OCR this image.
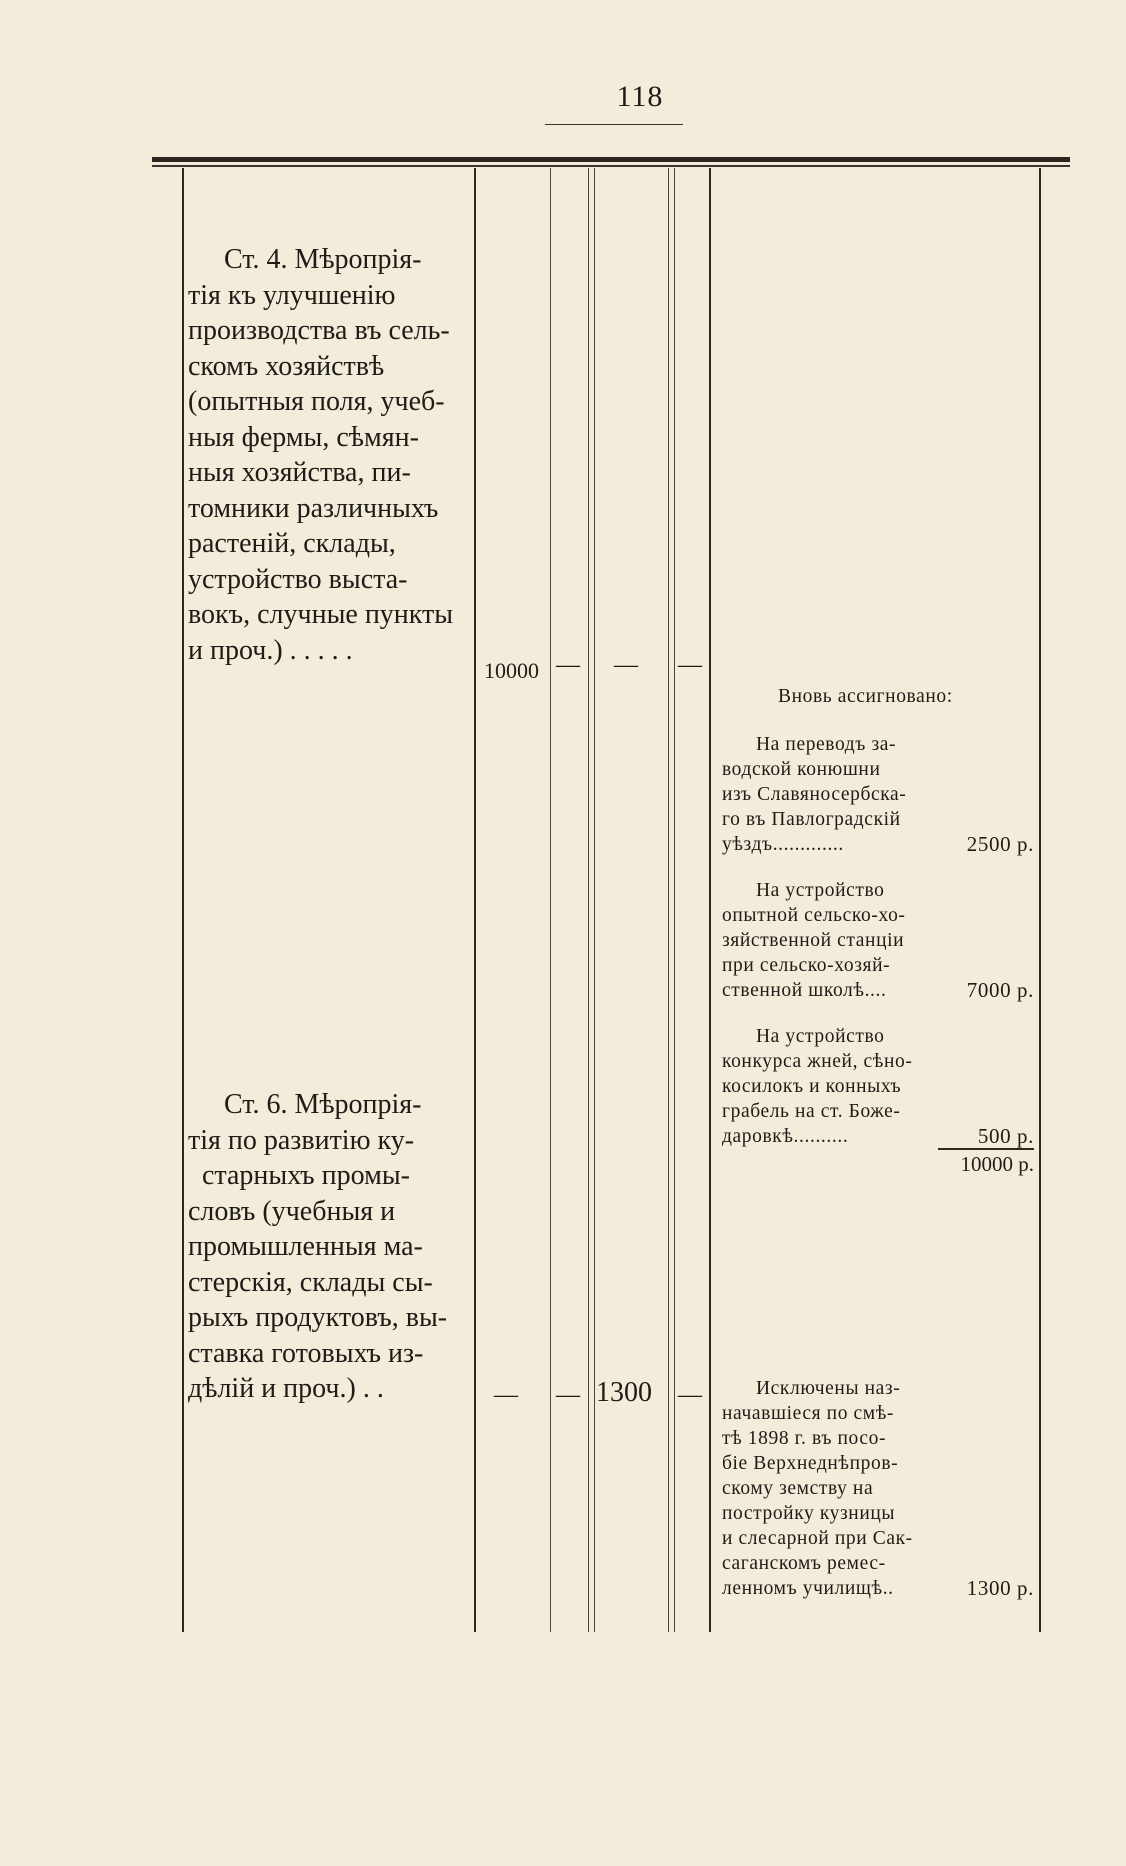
118

Ст. 4. Мѣропрiя-

тiя къ улучшенiю

производства въ сель-

скомъ хозяйствѣ

(опытныя поля, учеб-

ныя фермы, сѣмян-

ныя хозяйства, пи-

томники различныхъ

растенiй, склады,

устройство выста-

вокъ, случные пункты

и проч.) . . . . .

10000 — — —
Вновь ассигновано:

На переводъ за-

водской конюшни

изъ Славяносербска-

го въ Павлоградскiй

уѣздъ.............	2500 р.

На устройство

опытной сельско-хо-

зяйственной станцiи

при сельско-хозяй-

ственной школѣ....	7000 р.

На устройство

конкурса жней, сѣно-

косилокъ и конныхъ

грабель на ст. Боже-

даровкѣ..........	500 р.
10000 р.

Ст. 6. Мѣропрiя-

тiя по развитiю ку-

старныхъ промы-

словъ (учебныя и

промышленныя ма-

стерскiя, склады сы-

рыхъ продуктовъ, вы-

ставка готовыхъ из-

дѣлiй и проч.) . .	— — 1300 —	Исключены наз-

начавшiеся по смѣ-

тѣ 1898 г. въ посо-

бiе Верхнеднѣпров-

скому земству на

постройку кузницы

и слесарной при Сак-

саганскомъ ремес-

ленномъ училищѣ..	1300 р.
